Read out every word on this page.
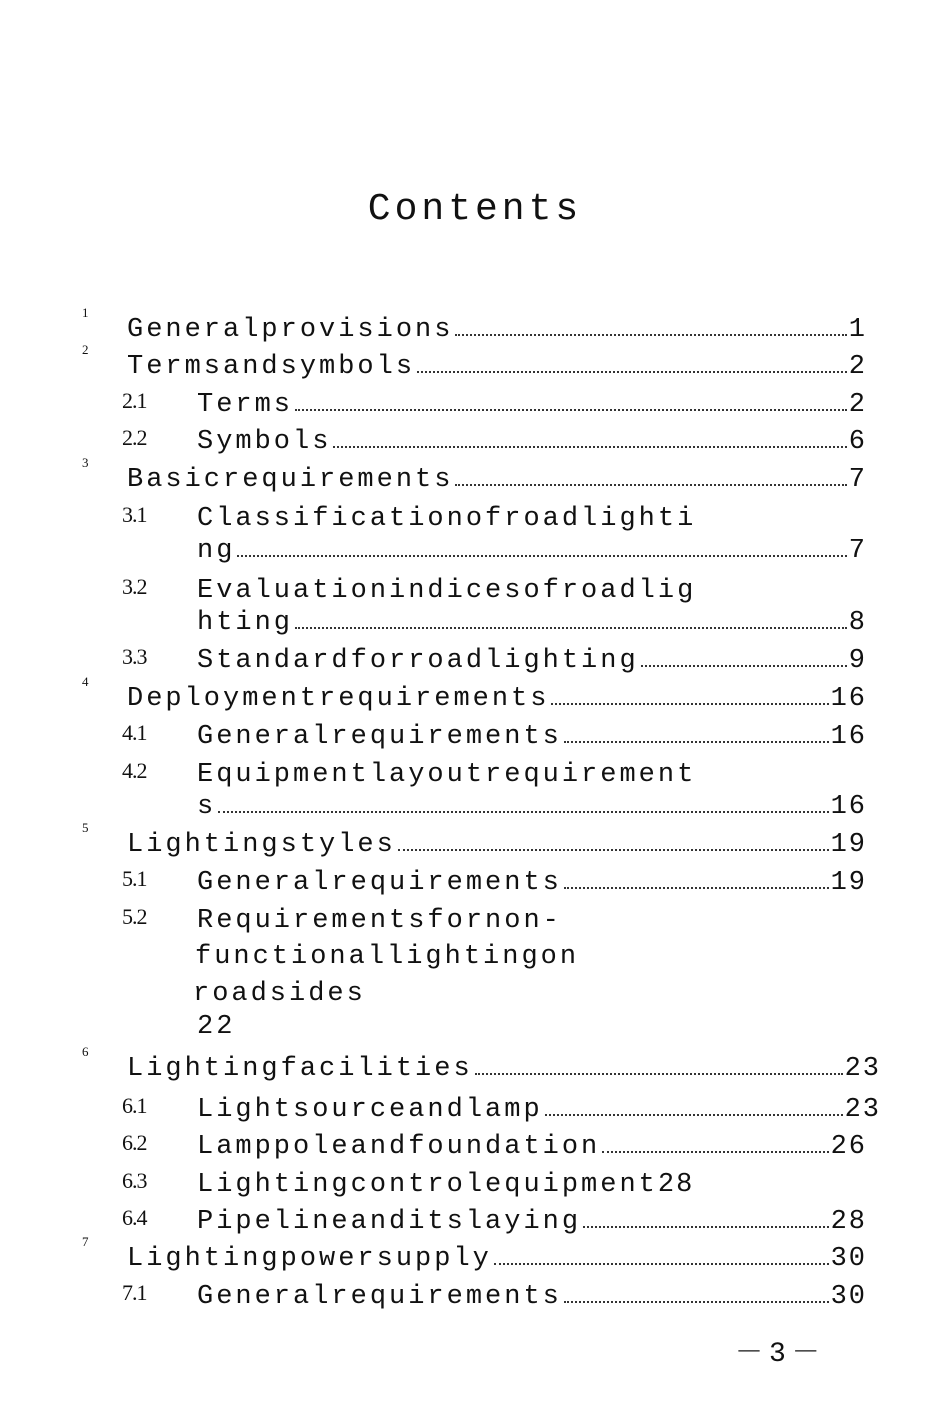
Contents
1
Generalprovisions	1
2
Termsandsymbols	2
2.1 Terms	2
2.2 Symbols	6
3
Basicrequirements	7
3.1 Classificationofroadlighti
ng	7
3.2 Evaluationindicesofroadlig
hting	8
3.3 Standardforroadlighting	9
4
Deploymentrequirements	16
4.1 Generalrequirements	16
4.2 Equipmentlayoutrequirement
s	16
5
Lightingstyles	19
5.1 Generalrequirements	19
5.2 Requirementsfornon-
functionallightingon
roadsides
22
6
Lightingfacilities	23
6.1 Lightsourceandlamp	23
6.2 Lamppoleandfoundation	26
6.3 Lightingcontrolequipment 28
6.4 Pipelineanditslaying	28
7
Lightingpowersupply	30
7.1 Generalrequirements	30
－3－
